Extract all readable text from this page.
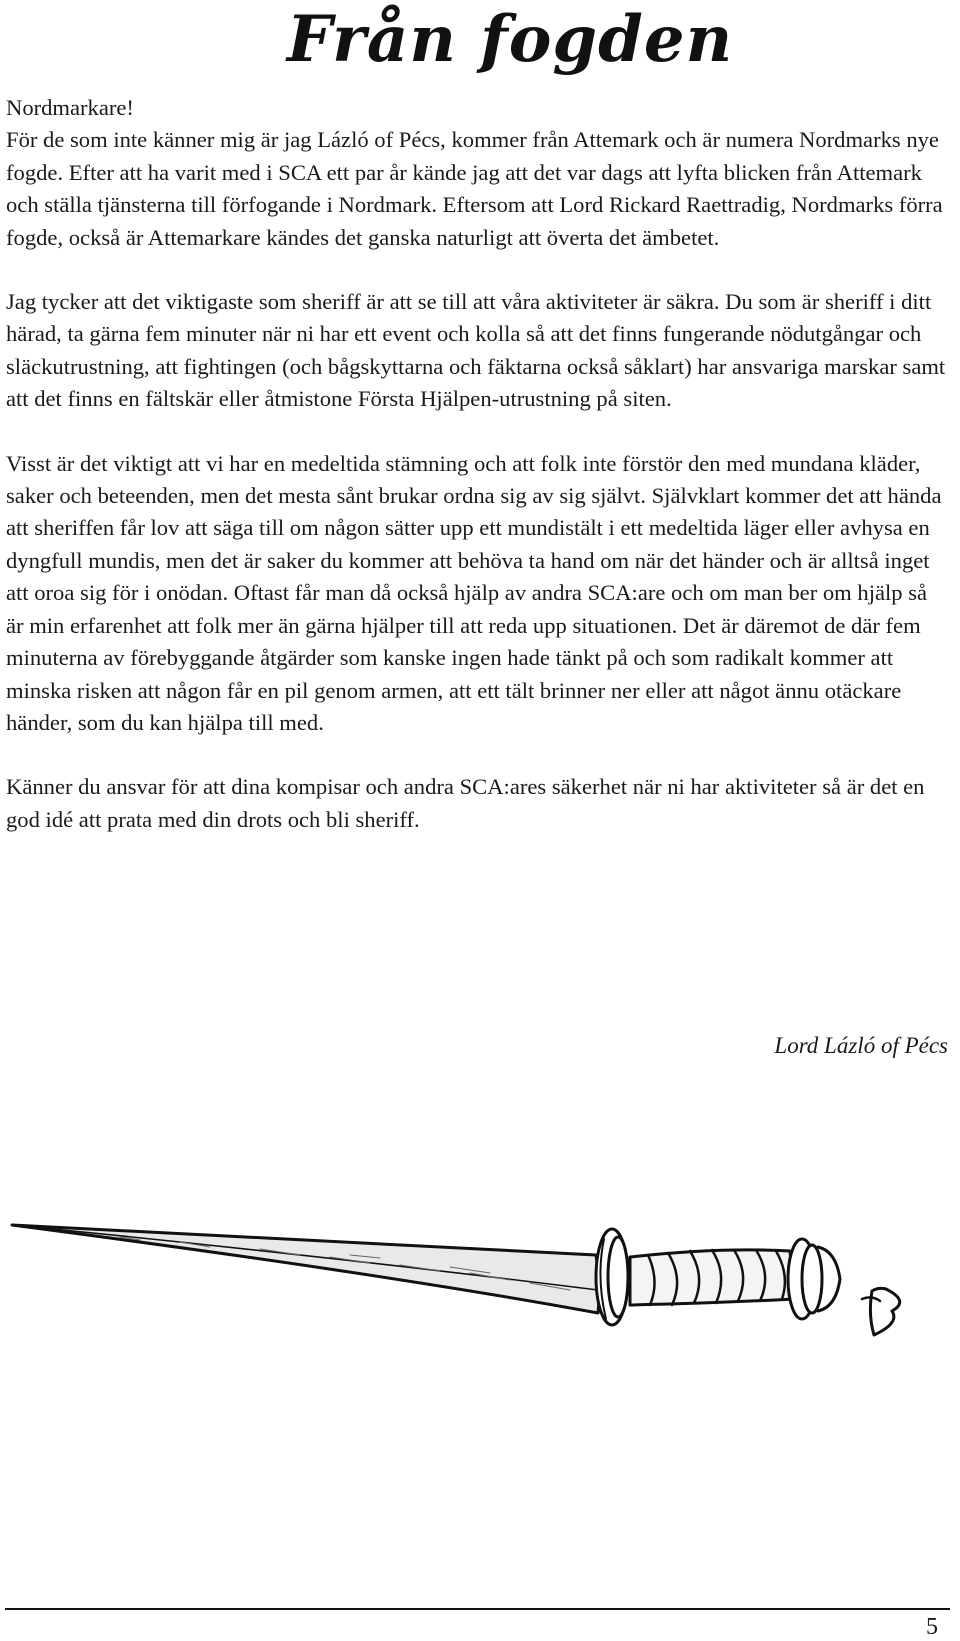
Från fogden

Nordmarkare!

För de som inte känner mig är jag Lázló of Pécs, kommer från Attemark och är numera Nordmarks nye fogde. Efter att ha varit med i SCA ett par år kände jag att det var dags att lyfta blicken från Attemark och ställa tjänsterna till förfogande i Nordmark. Eftersom att Lord Rickard Raettradig, Nordmarks förra fogde, också är Attemarkare kändes det ganska naturligt att överta det ämbetet.

Jag tycker att det viktigaste som sheriff är att se till att våra aktiviteter är säkra. Du som är sheriff i ditt härad, ta gärna fem minuter när ni har ett event och kolla så att det finns fungerande nödutgångar och släckutrustning, att fightingen (och bågskyttarna och fäktarna också såklart) har ansvariga marskar samt att det finns en fältskär eller åtmistone Första Hjälpen-utrustning på siten.

Visst är det viktigt att vi har en medeltida stämning och att folk inte förstör den med mundana kläder, saker och beteenden, men det mesta sånt brukar ordna sig av sig självt. Självklart kommer det att hända att sheriffen får lov att säga till om någon sätter upp ett mundistält i ett medeltida läger eller avhysa en dyngfull mundis, men det är saker du kommer att behöva ta hand om när det händer och är alltså inget att oroa sig för i onödan. Oftast får man då också hjälp av andra SCA:are och om man ber om hjälp så är min erfarenhet att folk mer än gärna hjälper till att reda upp situationen. Det är däremot de där fem minuterna av förebyggande åtgärder som kanske ingen hade tänkt på och som radikalt kommer att minska risken att någon får en pil genom armen, att ett tält brinner ner eller att något ännu otäckare händer, som du kan hjälpa till med.

Känner du ansvar för att dina kompisar och andra SCA:ares säkerhet när ni har aktiviteter så är det en god idé att prata med din drots och bli sheriff.

Lord Lázló of Pécs
5
